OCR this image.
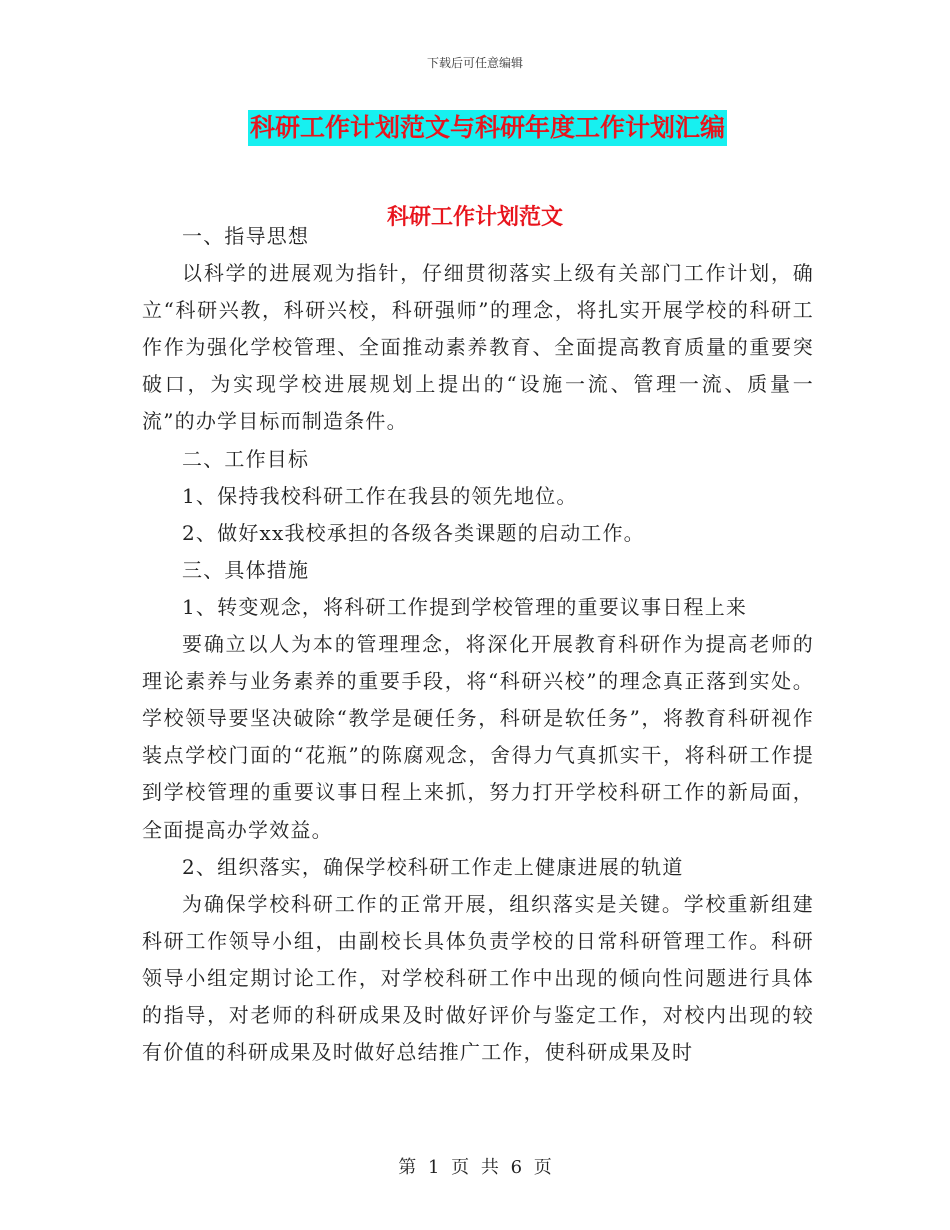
下载后可任意编辑
科研工作计划范文与科研年度工作计划汇编
科研工作计划范文

一、指导思想

以科学的进展观为指针，仔细贯彻落实上级有关部门工作计划，确立“科研兴教，科研兴校，科研强师”的理念，将扎实开展学校的科研工作作为强化学校管理、全面推动素养教育、全面提高教育质量的重要突破口，为实现学校进展规划上提出的“设施一流、管理一流、质量一流”的办学目标而制造条件。

二、工作目标

1、保持我校科研工作在我县的领先地位。

2、做好xx我校承担的各级各类课题的启动工作。

三、具体措施

1、转变观念，将科研工作提到学校管理的重要议事日程上来

要确立以人为本的管理理念，将深化开展教育科研作为提高老师的理论素养与业务素养的重要手段，将“科研兴校”的理念真正落到实处。学校领导要坚决破除“教学是硬任务，科研是软任务”，将教育科研视作装点学校门面的“花瓶”的陈腐观念，舍得力气真抓实干，将科研工作提到学校管理的重要议事日程上来抓，努力打开学校科研工作的新局面，全面提高办学效益。

2、组织落实，确保学校科研工作走上健康进展的轨道

为确保学校科研工作的正常开展，组织落实是关键。学校重新组建科研工作领导小组，由副校长具体负责学校的日常科研管理工作。科研领导小组定期讨论工作，对学校科研工作中出现的倾向性问题进行具体的指导，对老师的科研成果及时做好评价与鉴定工作，对校内出现的较有价值的科研成果及时做好总结推广工作，使科研成果及时

第 1 页 共 6 页
